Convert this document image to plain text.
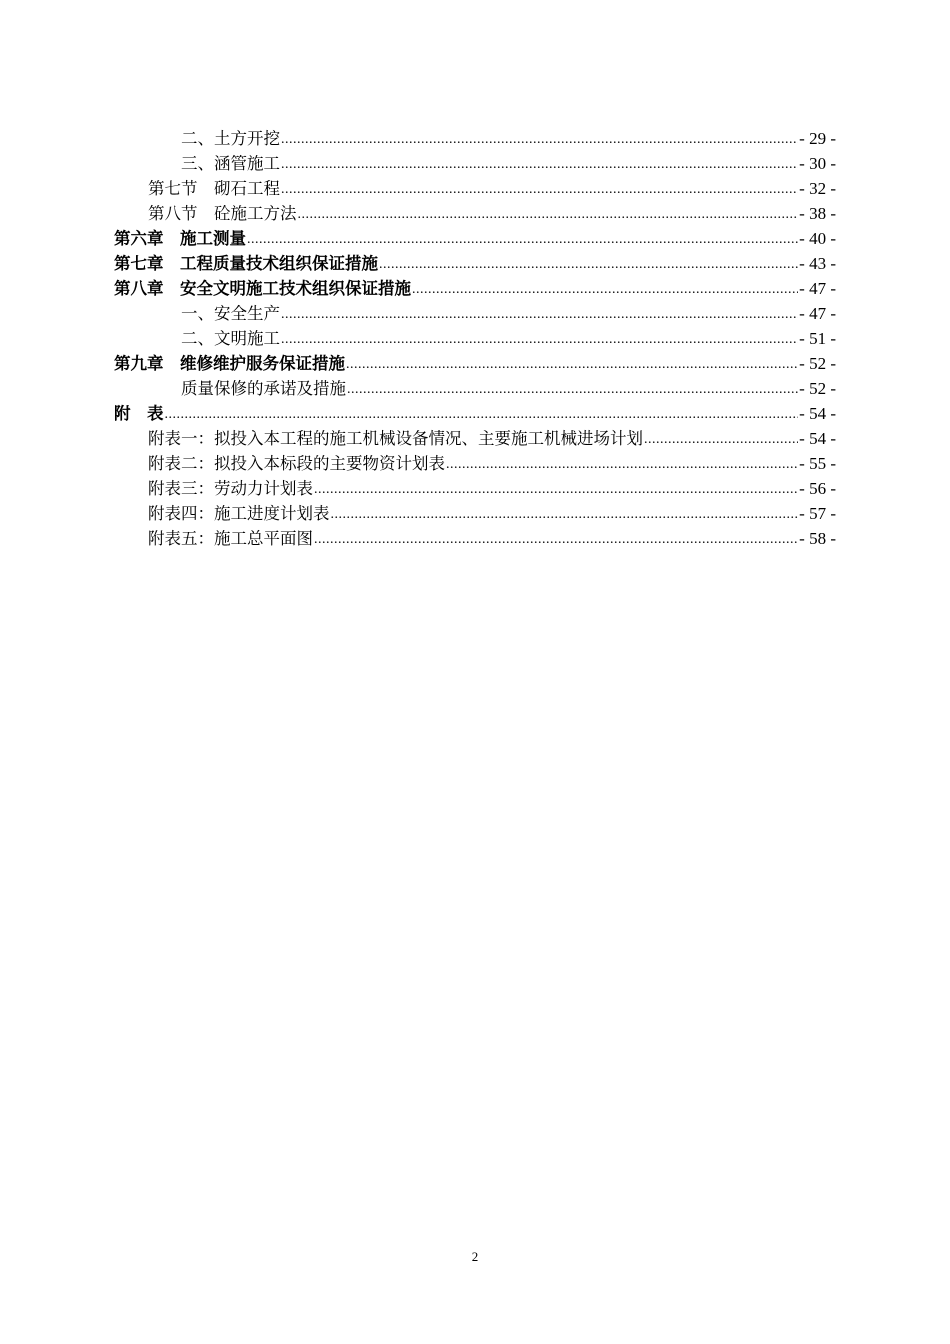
二、土方开挖 .....	- 29 -
三、涵管施工 .....	- 30 -
第七节　砌石工程 .....	- 32 -
第八节　砼施工方法 .....	- 38 -
第六章　施工测量 .....	- 40 -
第七章　工程质量技术组织保证措施 .....	- 43 -
第八章　安全文明施工技术组织保证措施 .....	- 47 -
一、安全生产 .....	- 47 -
二、文明施工 .....	- 51 -
第九章　维修维护服务保证措施 .....	- 52 -
质量保修的承诺及措施 .....	- 52 -
附　表 .....	- 54 -
附表一：拟投入本工程的施工机械设备情况、主要施工机械进场计划 .....	- 54 -
附表二：拟投入本标段的主要物资计划表 .....	- 55 -
附表三：劳动力计划表 .....	- 56 -
附表四：施工进度计划表 .....	- 57 -
附表五：施工总平面图 .....	- 58 -
2
